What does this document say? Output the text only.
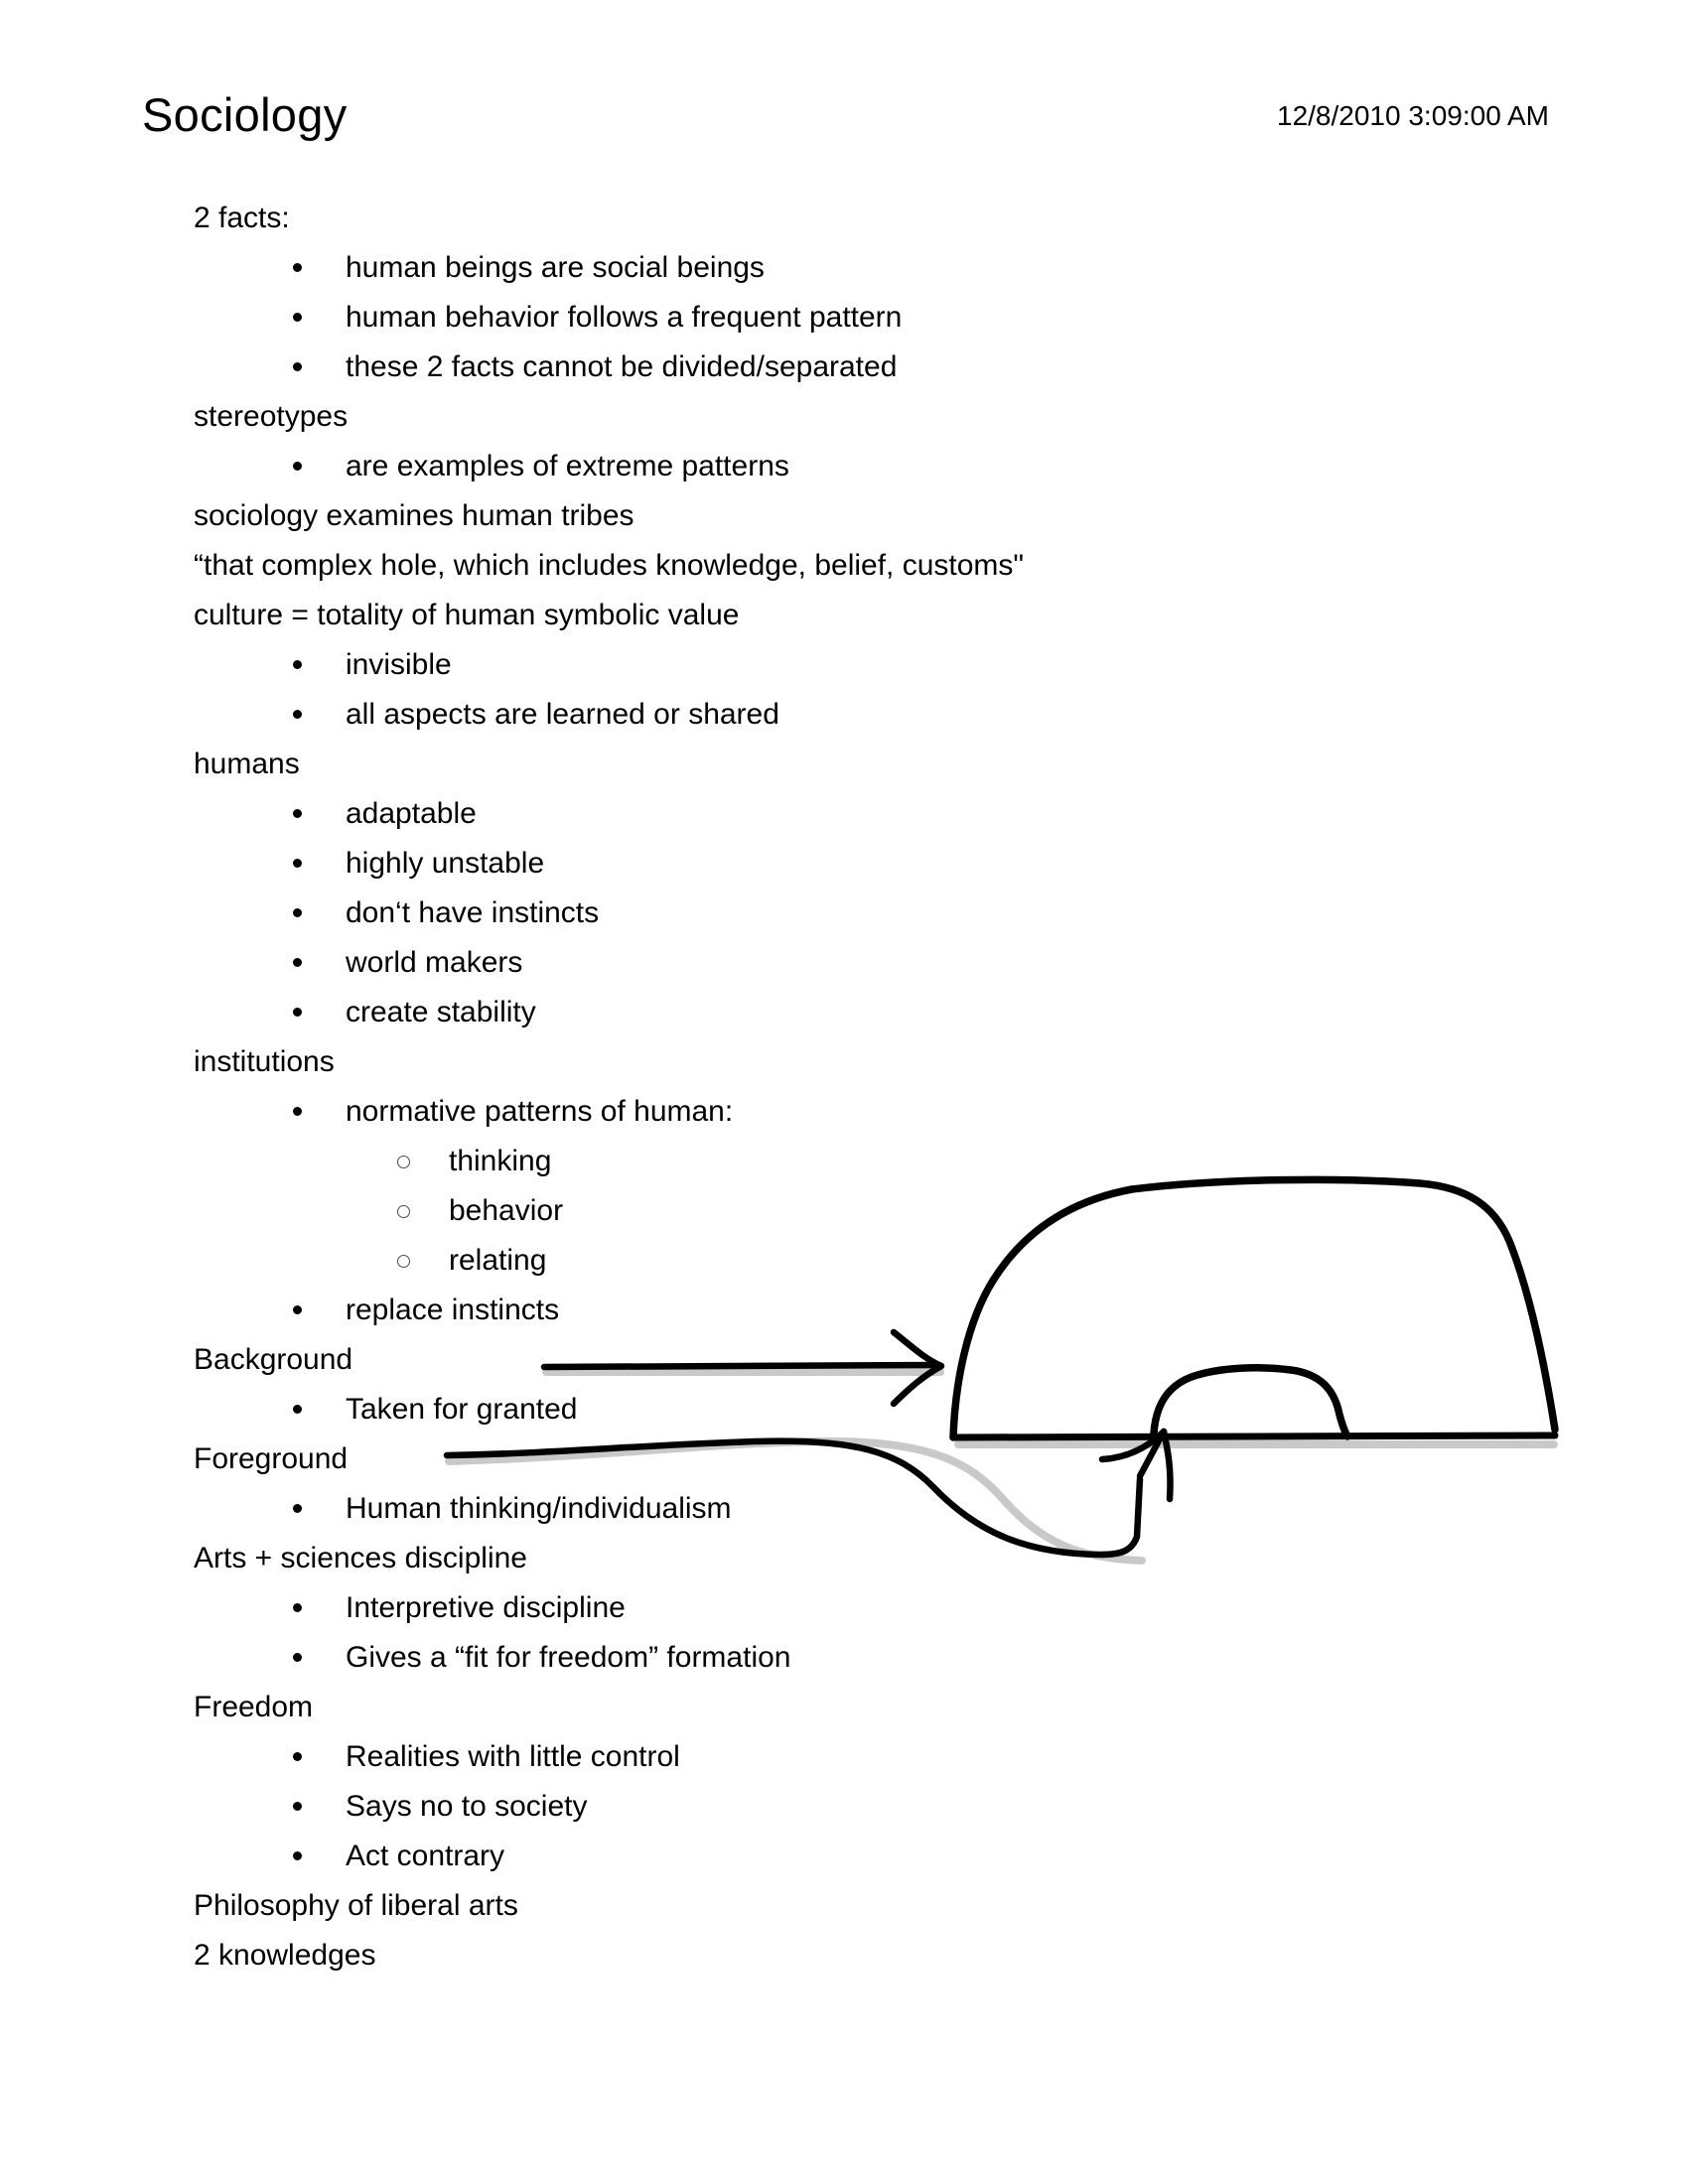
Sociology	12/8/2010 3:09:00 AM
2 facts:
human beings are social beings
human behavior follows a frequent pattern
these 2 facts cannot be divided/separated
stereotypes
are examples of extreme patterns
sociology examines human tribes
“that complex hole, which includes knowledge, belief, customs"
culture = totality of human symbolic value
invisible
all aspects are learned or shared
humans
adaptable
highly unstable
don‘t have instincts
world makers
create stability
institutions
normative patterns of human:
thinking
behavior
relating
replace instincts
Background
Taken for granted
Foreground
Human thinking/individualism
Arts + sciences discipline
Interpretive discipline
Gives a “fit for freedom” formation
Freedom
Realities with little control
Says no to society
Act contrary
Philosophy of liberal arts
2 knowledges
